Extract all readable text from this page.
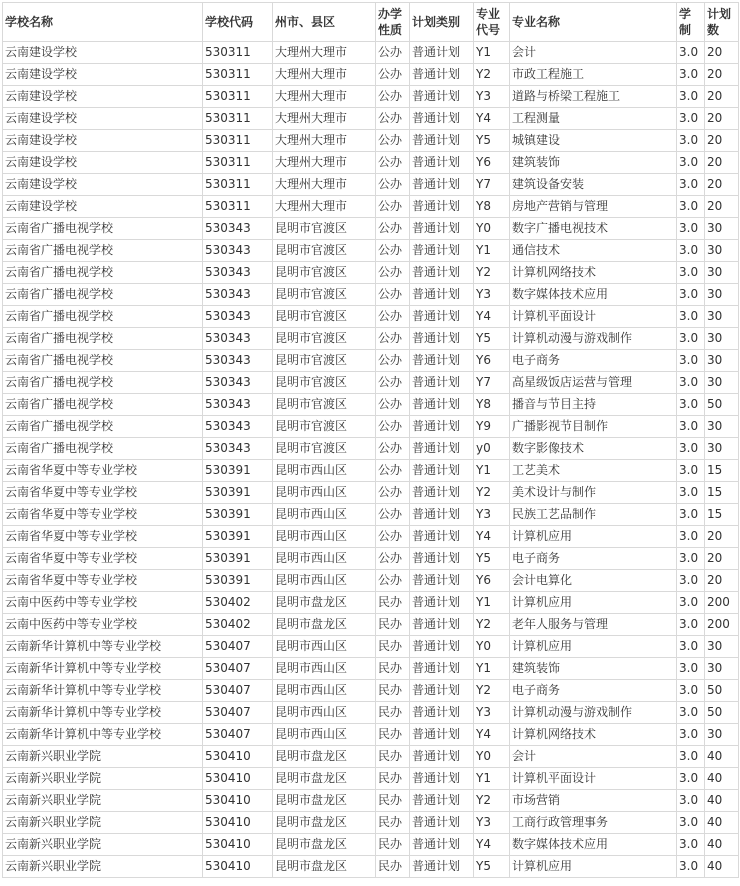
学校名称	学校代码	州市、县区	办学性质	计划类别	专业代号	专业名称	学制	计划数
云南建设学校	530311	大理州大理市	公办	普通计划	Y1	会计	3.0	20
云南建设学校	530311	大理州大理市	公办	普通计划	Y2	市政工程施工	3.0	20
云南建设学校	530311	大理州大理市	公办	普通计划	Y3	道路与桥梁工程施工	3.0	20
云南建设学校	530311	大理州大理市	公办	普通计划	Y4	工程测量	3.0	20
云南建设学校	530311	大理州大理市	公办	普通计划	Y5	城镇建设	3.0	20
云南建设学校	530311	大理州大理市	公办	普通计划	Y6	建筑装饰	3.0	20
云南建设学校	530311	大理州大理市	公办	普通计划	Y7	建筑设备安装	3.0	20
云南建设学校	530311	大理州大理市	公办	普通计划	Y8	房地产营销与管理	3.0	20
云南省广播电视学校	530343	昆明市官渡区	公办	普通计划	Y0	数字广播电视技术	3.0	30
云南省广播电视学校	530343	昆明市官渡区	公办	普通计划	Y1	通信技术	3.0	30
云南省广播电视学校	530343	昆明市官渡区	公办	普通计划	Y2	计算机网络技术	3.0	30
云南省广播电视学校	530343	昆明市官渡区	公办	普通计划	Y3	数字媒体技术应用	3.0	30
云南省广播电视学校	530343	昆明市官渡区	公办	普通计划	Y4	计算机平面设计	3.0	30
云南省广播电视学校	530343	昆明市官渡区	公办	普通计划	Y5	计算机动漫与游戏制作	3.0	30
云南省广播电视学校	530343	昆明市官渡区	公办	普通计划	Y6	电子商务	3.0	30
云南省广播电视学校	530343	昆明市官渡区	公办	普通计划	Y7	高星级饭店运营与管理	3.0	30
云南省广播电视学校	530343	昆明市官渡区	公办	普通计划	Y8	播音与节目主持	3.0	50
云南省广播电视学校	530343	昆明市官渡区	公办	普通计划	Y9	广播影视节目制作	3.0	30
云南省广播电视学校	530343	昆明市官渡区	公办	普通计划	y0	数字影像技术	3.0	30
云南省华夏中等专业学校	530391	昆明市西山区	公办	普通计划	Y1	工艺美术	3.0	15
云南省华夏中等专业学校	530391	昆明市西山区	公办	普通计划	Y2	美术设计与制作	3.0	15
云南省华夏中等专业学校	530391	昆明市西山区	公办	普通计划	Y3	民族工艺品制作	3.0	15
云南省华夏中等专业学校	530391	昆明市西山区	公办	普通计划	Y4	计算机应用	3.0	20
云南省华夏中等专业学校	530391	昆明市西山区	公办	普通计划	Y5	电子商务	3.0	20
云南省华夏中等专业学校	530391	昆明市西山区	公办	普通计划	Y6	会计电算化	3.0	20
云南中医药中等专业学校	530402	昆明市盘龙区	民办	普通计划	Y1	计算机应用	3.0	200
云南中医药中等专业学校	530402	昆明市盘龙区	民办	普通计划	Y2	老年人服务与管理	3.0	200
云南新华计算机中等专业学校	530407	昆明市西山区	民办	普通计划	Y0	计算机应用	3.0	30
云南新华计算机中等专业学校	530407	昆明市西山区	民办	普通计划	Y1	建筑装饰	3.0	30
云南新华计算机中等专业学校	530407	昆明市西山区	民办	普通计划	Y2	电子商务	3.0	50
云南新华计算机中等专业学校	530407	昆明市西山区	民办	普通计划	Y3	计算机动漫与游戏制作	3.0	50
云南新华计算机中等专业学校	530407	昆明市西山区	民办	普通计划	Y4	计算机网络技术	3.0	30
云南新兴职业学院	530410	昆明市盘龙区	民办	普通计划	Y0	会计	3.0	40
云南新兴职业学院	530410	昆明市盘龙区	民办	普通计划	Y1	计算机平面设计	3.0	40
云南新兴职业学院	530410	昆明市盘龙区	民办	普通计划	Y2	市场营销	3.0	40
云南新兴职业学院	530410	昆明市盘龙区	民办	普通计划	Y3	工商行政管理事务	3.0	40
云南新兴职业学院	530410	昆明市盘龙区	民办	普通计划	Y4	数字媒体技术应用	3.0	40
云南新兴职业学院	530410	昆明市盘龙区	民办	普通计划	Y5	计算机应用	3.0	40
